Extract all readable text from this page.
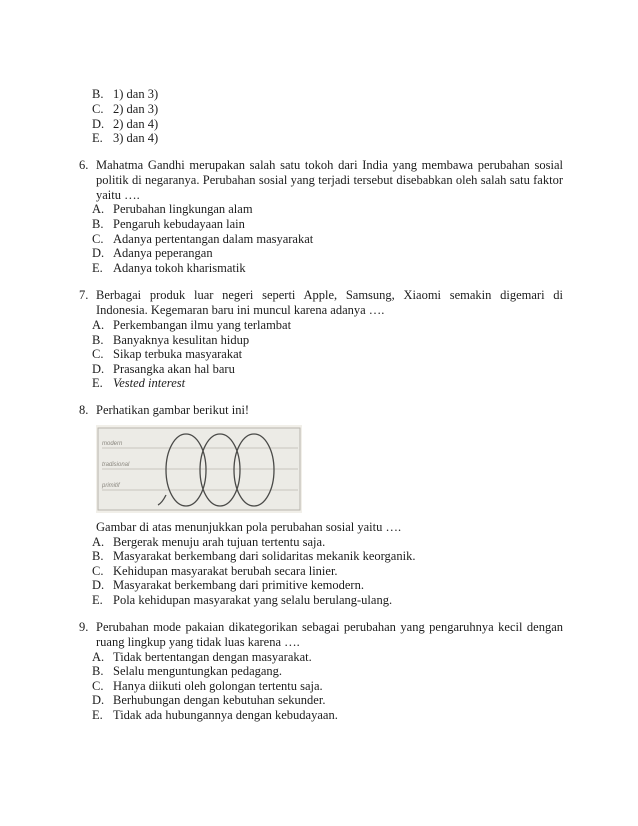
B. 1) dan 3)
C. 2) dan 3)
D. 2) dan 4)
E. 3) dan 4)
6. Mahatma Gandhi merupakan salah satu tokoh dari India yang membawa perubahan sosial

politik di negaranya. Perubahan sosial yang terjadi tersebut disebabkan oleh salah satu faktor

yaitu ….

A. Perubahan lingkungan alam
B. Pengaruh kebudayaan lain
C. Adanya pertentangan dalam masyarakat
D. Adanya peperangan
E. Adanya tokoh kharismatik
7. Berbagai produk luar negeri seperti Apple, Samsung, Xiaomi semakin digemari di

Indonesia. Kegemaran baru ini muncul karena adanya ….

A. Perkembangan ilmu yang terlambat
B. Banyaknya kesulitan hidup
C. Sikap terbuka masyarakat
D. Prasangka akan hal baru
E. Vested interest
8. Perhatikan gambar berikut ini!
modern
tradisional
primitif
Gambar di atas menunjukkan pola perubahan sosial yaitu ….
A. Bergerak menuju arah tujuan tertentu saja.
B. Masyarakat berkembang dari solidaritas mekanik keorganik.
C. Kehidupan masyarakat berubah secara linier.
D. Masyarakat berkembang dari primitive kemodern.
E. Pola kehidupan masyarakat yang selalu berulang-ulang.
9. Perubahan mode pakaian dikategorikan sebagai perubahan yang pengaruhnya kecil dengan

ruang lingkup yang tidak luas karena ….

A. Tidak bertentangan dengan masyarakat.
B. Selalu menguntungkan pedagang.
C. Hanya diikuti oleh golongan tertentu saja.
D. Berhubungan dengan kebutuhan sekunder.
E. Tidak ada hubungannya dengan kebudayaan.
